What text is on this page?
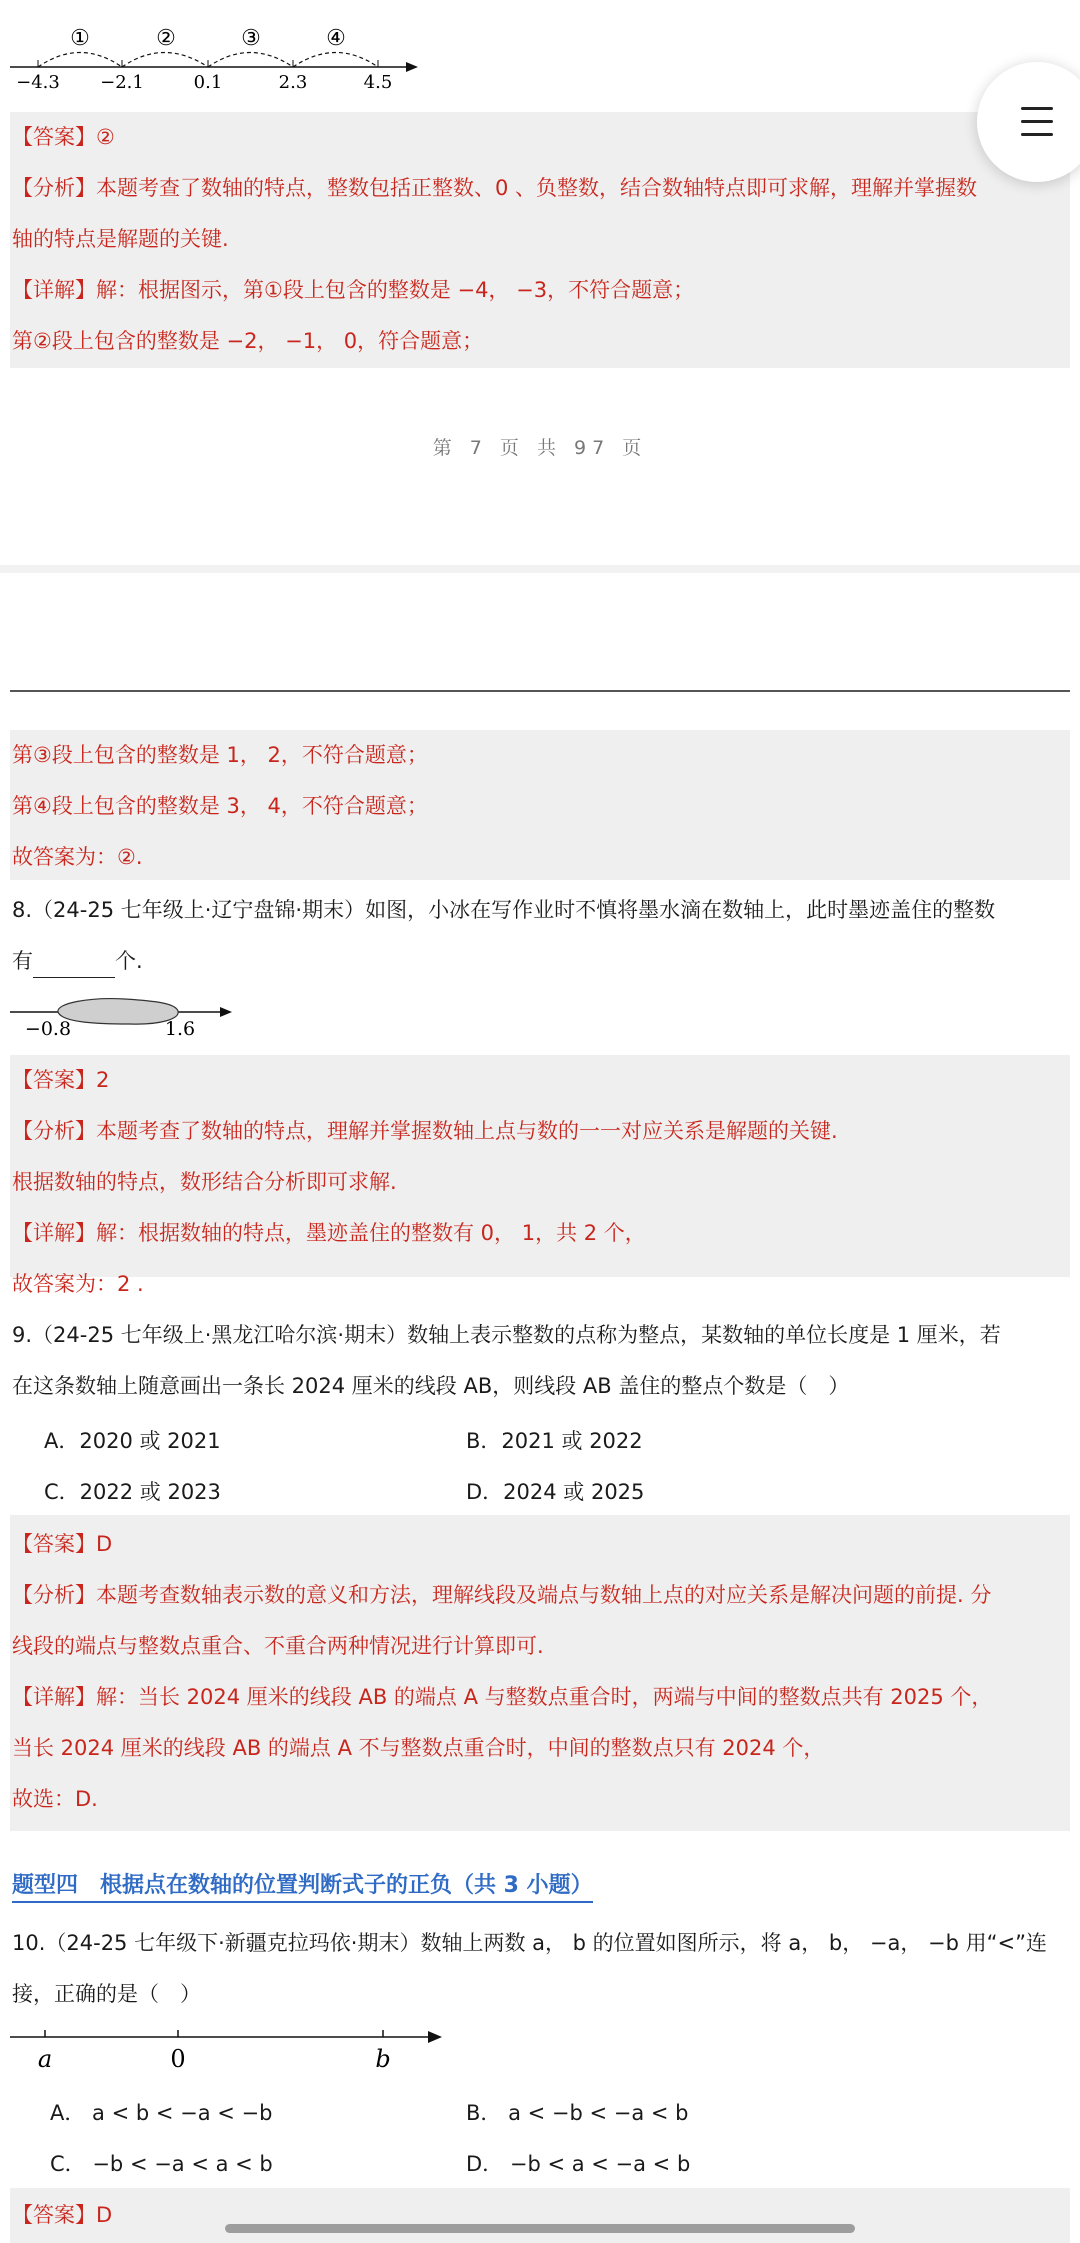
①	②	③	④
−4.3 −2.1	0.1	2.3	4.5
【答案】②
【分析】本题考查了数轴的特点，整数包括正整数、0 、负整数，结合数轴特点即可求解，理解并掌握数
轴的特点是解题的关键.
【详解】解：根据图示，第①段上包含的整数是 −4， −3，不符合题意；
第②段上包含的整数是 −2， −1， 0，符合题意；
第 7 页 共 97 页
第③段上包含的整数是 1， 2，不符合题意；
第④段上包含的整数是 3， 4，不符合题意；
故答案为：②.
8.（24-25 七年级上·辽宁盘锦·期末）如图，小冰在写作业时不慎将墨水滴在数轴上，此时墨迹盖住的整数
有	个.
−0.8	1.6
【答案】2
【分析】本题考查了数轴的特点，理解并掌握数轴上点与数的一一对应关系是解题的关键.
根据数轴的特点，数形结合分析即可求解.
【详解】解：根据数轴的特点，墨迹盖住的整数有 0， 1，共 2 个，
故答案为：2 .
9.（24-25 七年级上·黑龙江哈尔滨·期末）数轴上表示整数的点称为整点，某数轴的单位长度是 1 厘米，若
在这条数轴上随意画出一条长 2024 厘米的线段 AB，则线段 AB 盖住的整点个数是（　）
A．2020 或 2021	B．2021 或 2022
C．2022 或 2023	D．2024 或 2025
【答案】D
【分析】本题考查数轴表示数的意义和方法，理解线段及端点与数轴上点的对应关系是解决问题的前提. 分
线段的端点与整数点重合、不重合两种情况进行计算即可.
【详解】解：当长 2024 厘米的线段 AB 的端点 A 与整数点重合时，两端与中间的整数点共有 2025 个，
当长 2024 厘米的线段 AB 的端点 A 不与整数点重合时，中间的整数点只有 2024 个，
故选：D.
题型四　根据点在数轴的位置判断式子的正负（共 3 小题）
10.（24-25 七年级下·新疆克拉玛依·期末）数轴上两数 a， b 的位置如图所示，将 a， b， −a， −b 用“<”连
接，正确的是（　）
a	0	b
A． a < b < −a < −b	B． a < −b < −a < b
C． −b < −a < a < b	D． −b < a < −a < b
【答案】D
